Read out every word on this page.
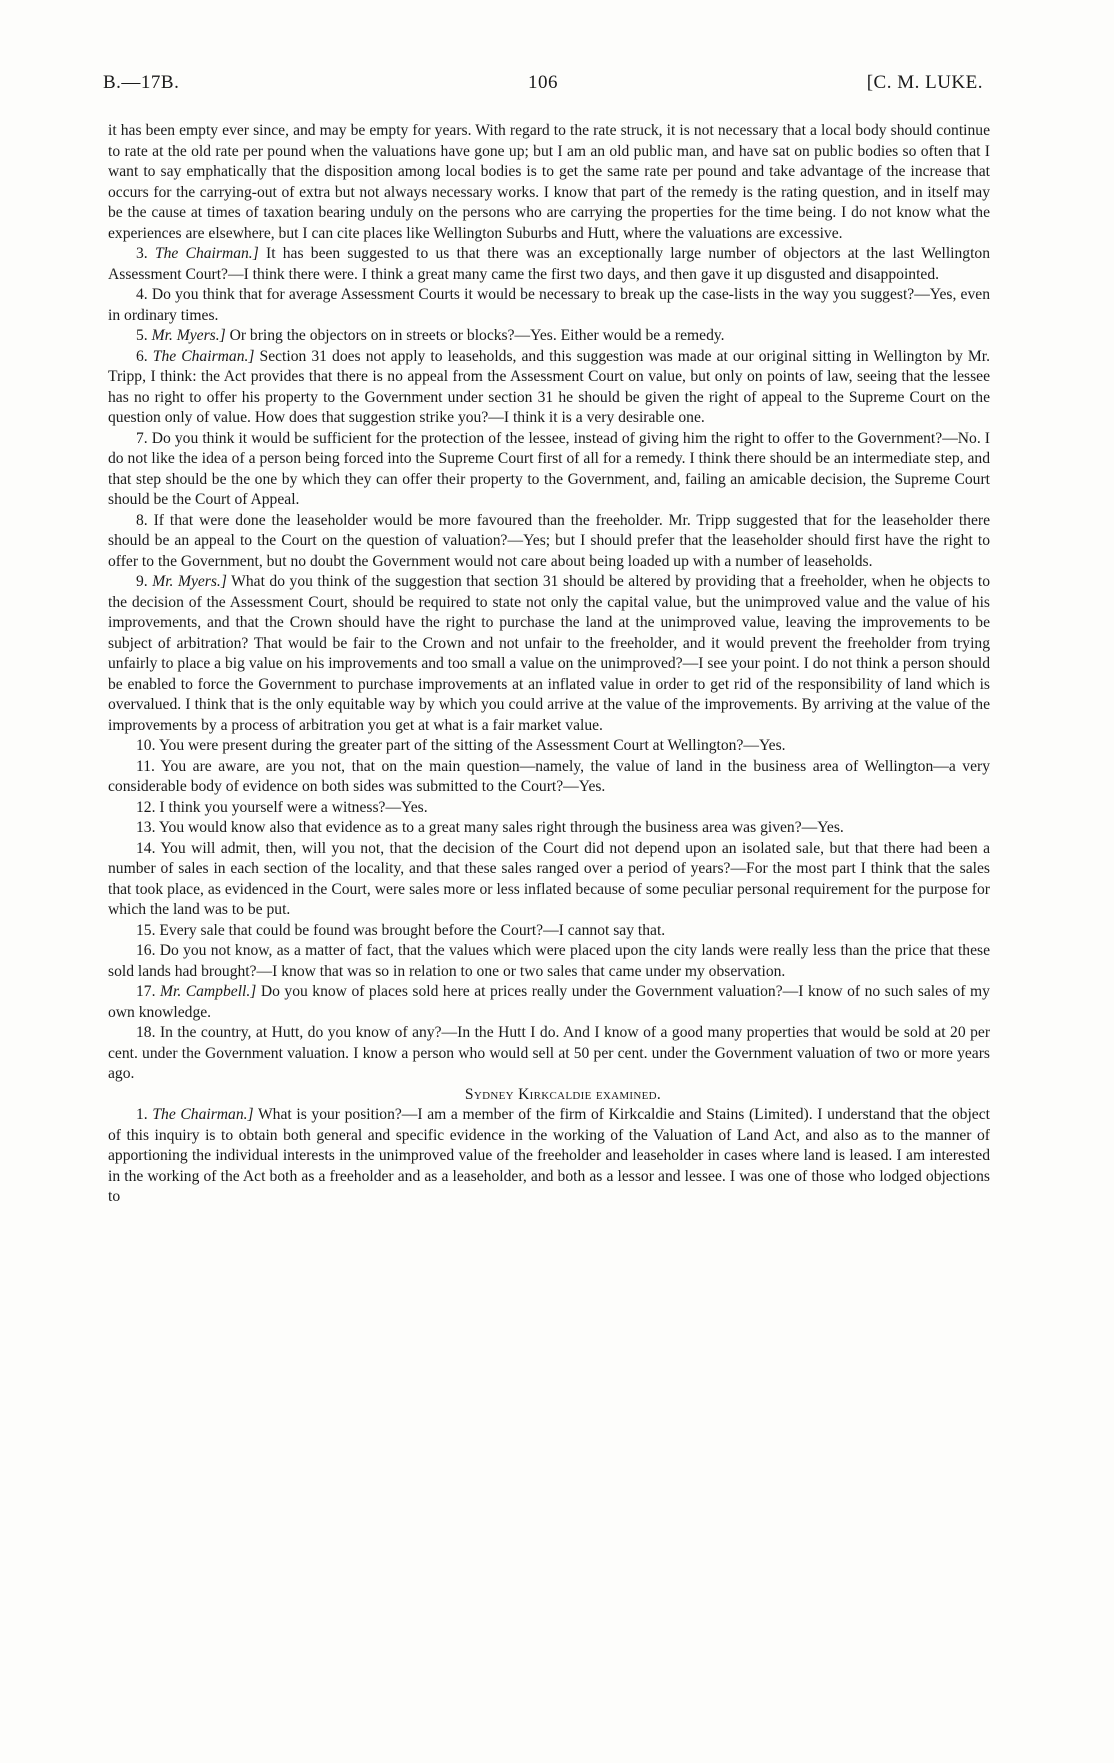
B.—17B.	106	[C. M. LUKE.

it has been empty ever since, and may be empty for years. With regard to the rate struck, it is not necessary that a local body should continue to rate at the old rate per pound when the valuations have gone up; but I am an old public man, and have sat on public bodies so often that I want to say emphatically that the disposition among local bodies is to get the same rate per pound and take advantage of the increase that occurs for the carrying-out of extra but not always necessary works. I know that part of the remedy is the rating question, and in itself may be the cause at times of taxation bearing unduly on the persons who are carrying the properties for the time being. I do not know what the experiences are elsewhere, but I can cite places like Wellington Suburbs and Hutt, where the valuations are excessive.

3. The Chairman.] It has been suggested to us that there was an exceptionally large number of objectors at the last Wellington Assessment Court?—I think there were. I think a great many came the first two days, and then gave it up disgusted and disappointed.

4. Do you think that for average Assessment Courts it would be necessary to break up the case-lists in the way you suggest?—Yes, even in ordinary times.

5. Mr. Myers.] Or bring the objectors on in streets or blocks?—Yes. Either would be a remedy.

6. The Chairman.] Section 31 does not apply to leaseholds, and this suggestion was made at our original sitting in Wellington by Mr. Tripp, I think: the Act provides that there is no appeal from the Assessment Court on value, but only on points of law, seeing that the lessee has no right to offer his property to the Government under section 31 he should be given the right of appeal to the Supreme Court on the question only of value. How does that suggestion strike you?—I think it is a very desirable one.

7. Do you think it would be sufficient for the protection of the lessee, instead of giving him the right to offer to the Government?—No. I do not like the idea of a person being forced into the Supreme Court first of all for a remedy. I think there should be an intermediate step, and that step should be the one by which they can offer their property to the Government, and, failing an amicable decision, the Supreme Court should be the Court of Appeal.

8. If that were done the leaseholder would be more favoured than the freeholder. Mr. Tripp suggested that for the leaseholder there should be an appeal to the Court on the question of valuation?—Yes; but I should prefer that the leaseholder should first have the right to offer to the Government, but no doubt the Government would not care about being loaded up with a number of leaseholds.

9. Mr. Myers.] What do you think of the suggestion that section 31 should be altered by providing that a freeholder, when he objects to the decision of the Assessment Court, should be required to state not only the capital value, but the unimproved value and the value of his improvements, and that the Crown should have the right to purchase the land at the unimproved value, leaving the improvements to be subject of arbitration? That would be fair to the Crown and not unfair to the freeholder, and it would prevent the freeholder from trying unfairly to place a big value on his improvements and too small a value on the unimproved?—I see your point. I do not think a person should be enabled to force the Government to purchase improvements at an inflated value in order to get rid of the responsibility of land which is overvalued. I think that is the only equitable way by which you could arrive at the value of the improvements. By arriving at the value of the improvements by a process of arbitration you get at what is a fair market value.

10. You were present during the greater part of the sitting of the Assessment Court at Wellington?—Yes.

11. You are aware, are you not, that on the main question—namely, the value of land in the business area of Wellington—a very considerable body of evidence on both sides was submitted to the Court?—Yes.

12. I think you yourself were a witness?—Yes.

13. You would know also that evidence as to a great many sales right through the business area was given?—Yes.

14. You will admit, then, will you not, that the decision of the Court did not depend upon an isolated sale, but that there had been a number of sales in each section of the locality, and that these sales ranged over a period of years?—For the most part I think that the sales that took place, as evidenced in the Court, were sales more or less inflated because of some peculiar personal requirement for the purpose for which the land was to be put.

15. Every sale that could be found was brought before the Court?—I cannot say that.

16. Do you not know, as a matter of fact, that the values which were placed upon the city lands were really less than the price that these sold lands had brought?—I know that was so in relation to one or two sales that came under my observation.

17. Mr. Campbell.] Do you know of places sold here at prices really under the Government valuation?—I know of no such sales of my own knowledge.

18. In the country, at Hutt, do you know of any?—In the Hutt I do. And I know of a good many properties that would be sold at 20 per cent. under the Government valuation. I know a person who would sell at 50 per cent. under the Government valuation of two or more years ago.

Sydney Kirkcaldie examined.

1. The Chairman.] What is your position?—I am a member of the firm of Kirkcaldie and Stains (Limited). I understand that the object of this inquiry is to obtain both general and specific evidence in the working of the Valuation of Land Act, and also as to the manner of apportioning the individual interests in the unimproved value of the freeholder and leaseholder in cases where land is leased. I am interested in the working of the Act both as a freeholder and as a leaseholder, and both as a lessor and lessee. I was one of those who lodged objections to
